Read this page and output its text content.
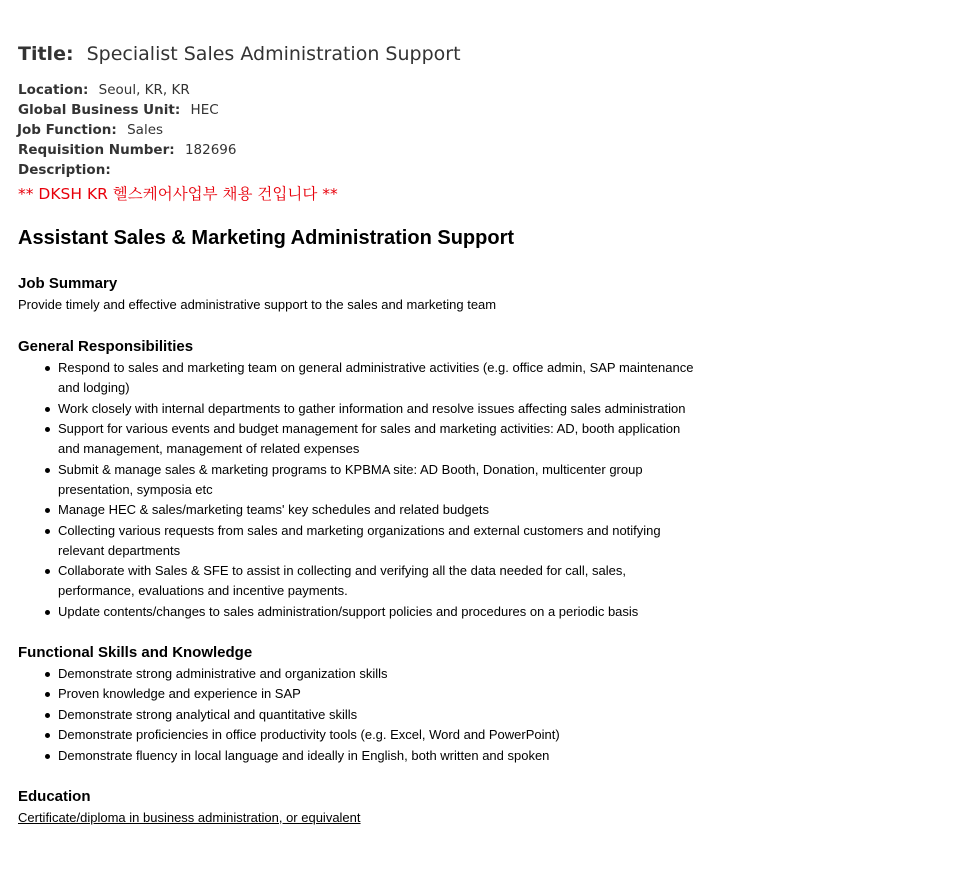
Title: Specialist Sales Administration Support
Location: Seoul, KR, KR
Global Business Unit: HEC
Job Function: Sales
Requisition Number: 182696
Description:
** DKSH KR 헬스케어사업부 채용 건입니다 **
Assistant Sales & Marketing Administration Support
Job Summary
Provide timely and effective administrative support to the sales and marketing team
General Responsibilities
Respond to sales and marketing team on general administrative activities (e.g. office admin, SAP maintenance and lodging)
Work closely with internal departments to gather information and resolve issues affecting sales administration
Support for various events and budget management for sales and marketing activities: AD, booth application and management, management of related expenses
Submit & manage sales & marketing programs to KPBMA site: AD Booth, Donation, multicenter group presentation, symposia etc
Manage HEC & sales/marketing teams' key schedules and related budgets
Collecting various requests from sales and marketing organizations and external customers and notifying relevant departments
Collaborate with Sales & SFE to assist in collecting and verifying all the data needed for call, sales, performance, evaluations and incentive payments.
Update contents/changes to sales administration/support policies and procedures on a periodic basis
Functional Skills and Knowledge
Demonstrate strong administrative and organization skills
Proven knowledge and experience in SAP
Demonstrate strong analytical and quantitative skills
Demonstrate proficiencies in office productivity tools (e.g. Excel, Word and PowerPoint)
Demonstrate fluency in local language and ideally in English, both written and spoken
Education
Certificate/diploma in business administration, or equivalent
